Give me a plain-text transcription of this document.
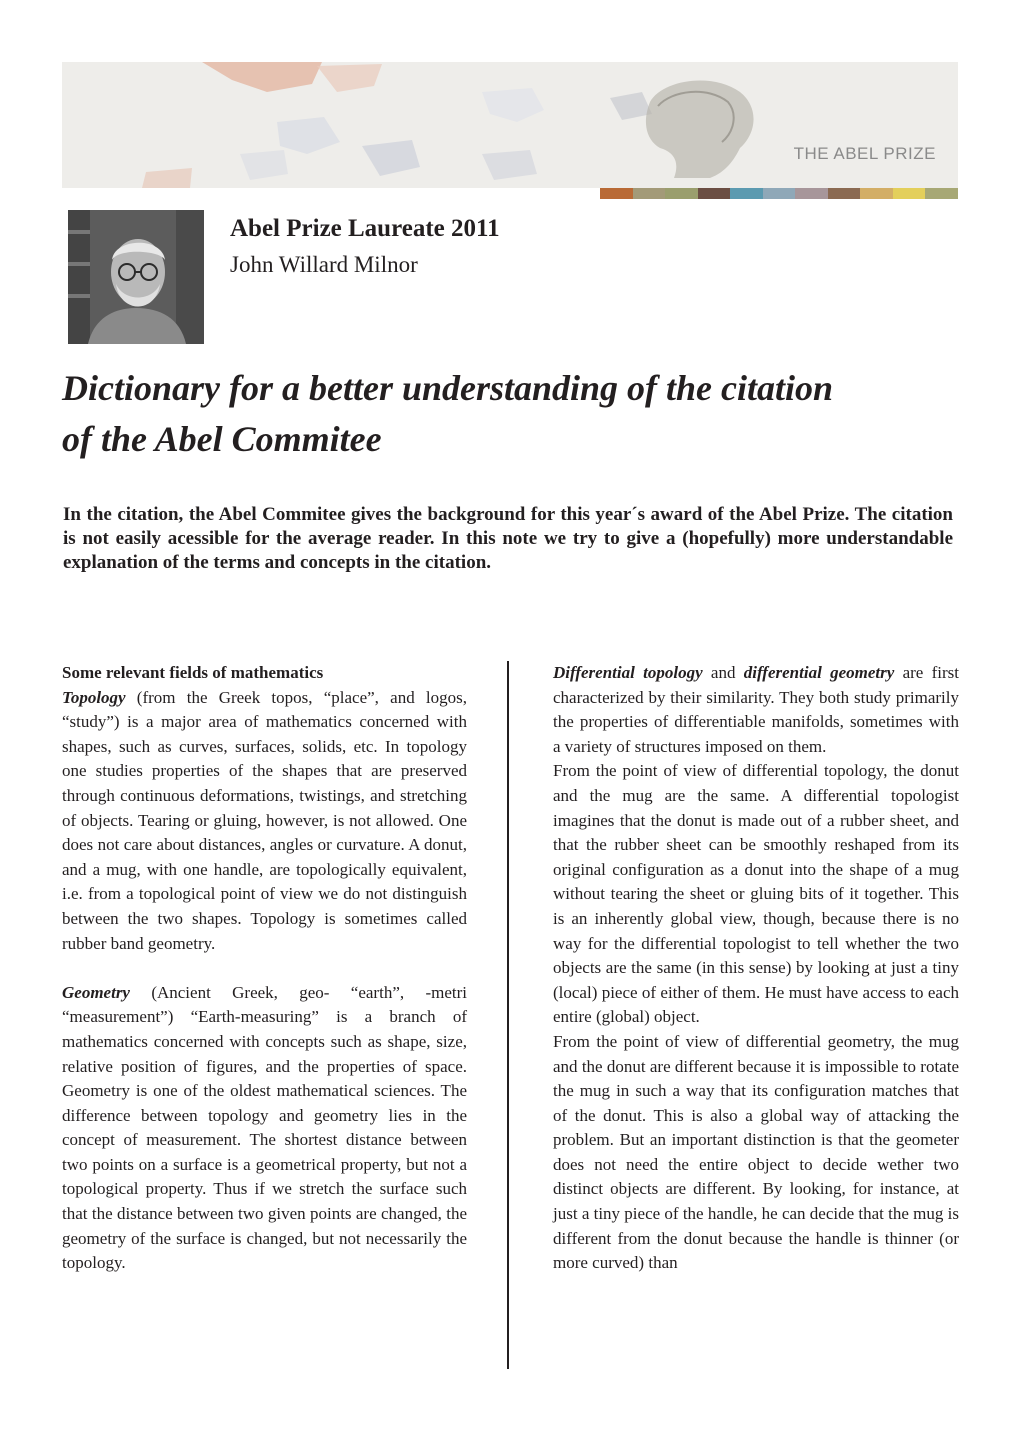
THE ABEL PRIZE
Abel Prize Laureate 2011
John Willard Milnor
Dictionary for a better understanding of the citation
of the Abel Commitee

In the citation, the Abel Commitee gives the background for this year´s award of the Abel Prize. The citation is not easily acessible for the average reader. In this note we try to give a (hopefully) more understandable explanation of the terms and concepts in the citation.

Some relevant fields of mathematics

Topology (from the Greek topos, “place”, and logos, “study”) is a major area of mathematics concerned with shapes, such as curves, surfaces, solids, etc. In topology one studies properties of the shapes that are preserved through continuous deformations, twistings, and stretching of objects. Tearing or gluing, however, is not allowed. One does not care about distances, angles or curvature. A donut, and a mug, with one handle, are topologically equivalent, i.e. from a topological point of view we do not distinguish between the two shapes. Topology is sometimes called rubber band geometry.

Geometry (Ancient Greek, geo- “earth”, -metri “measurement”) “Earth-measuring” is a branch of mathematics concerned with concepts such as shape, size, relative position of figures, and the properties of space. Geometry is one of the oldest mathematical sciences. The difference between topology and geometry lies in the concept of measurement. The shortest distance between two points on a surface is a geometrical property, but not a topological property. Thus if we stretch the surface such that the distance between two given points are changed, the geometry of the surface is changed, but not necessarily the topology.

Differential topology and differential geometry are first characterized by their similarity. They both study primarily the properties of differentiable manifolds, sometimes with a variety of structures imposed on them.

From the point of view of differential topology, the donut and the mug are the same. A differential topologist imagines that the donut is made out of a rubber sheet, and that the rubber sheet can be smoothly reshaped from its original configuration as a donut into the shape of a mug without tearing the sheet or gluing bits of it together. This is an inherently global view, though, because there is no way for the differential topologist to tell whether the two objects are the same (in this sense) by looking at just a tiny (local) piece of either of them. He must have access to each entire (global) object.

From the point of view of differential geometry, the mug and the donut are different because it is impossible to rotate the mug in such a way that its configuration matches that of the donut. This is also a global way of attacking the problem. But an important distinction is that the geometer does not need the entire object to decide wether two distinct objects are different. By looking, for instance, at just a tiny piece of the handle, he can decide that the mug is different from the donut because the handle is thinner (or more curved) than
